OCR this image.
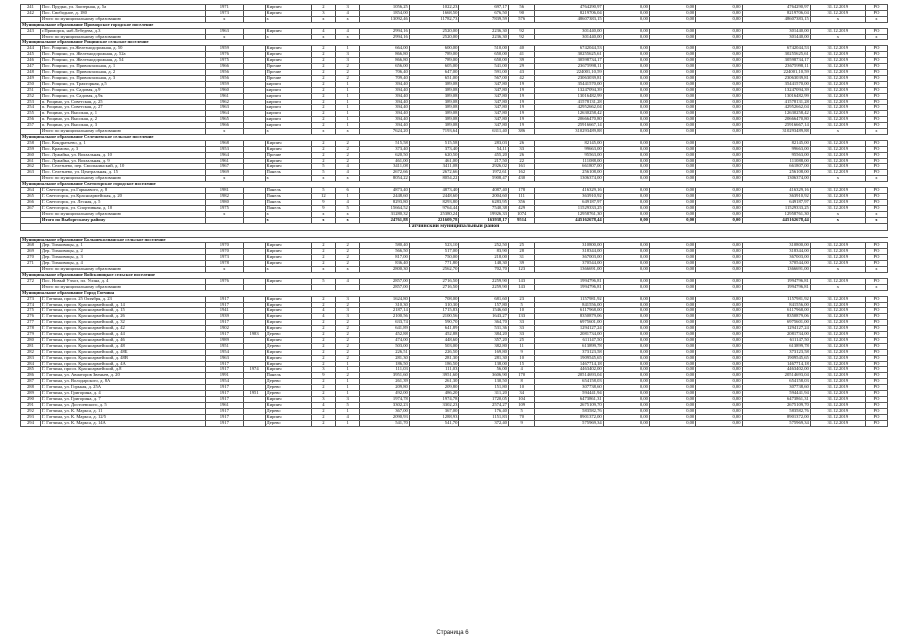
241	Пос. Прудки, ул. Заозерная, д. 5а	1971		Кирпич	2	3	1056,25	1022,23	697,17	56	4764290,97	0,00	0,00	0,00	4764290,97	31.12.2019	РО
242	Пос. Свободное, д. 180	1973		Кирпич	3	4	1854,00	1668,50	676,50	90	8219706,04	0,00	0,00	0,00	8219706,04	31.12.2019	РО
	Итого по муниципальному образованию	x		x	x	x	13092,46	11782,73	7839,59	576	48607383,15	0,00	0,00	0,00	48607383,15	x	x
Муниципальное образование Приморское городское поселение																	
243	г.Приморск, наб.Лебедева, д.3	1963		Кирпич	4	4	2994,16	2520,00	2236,30	92	301440,00	0,00	0,00	0,00	301440,00	31.12.2019	РО
	Итого по муниципальному образованию	x		x	x	x	2994,16	2520,00	2236,30	92	301440,00	0,00	0,00	0,00	301440,00	x	x
Муниципальное образование Рощинское сельское поселение																	
244	Пос. Рощино, ул.Железнодорожная, д. 50	1959		Кирпич	2	1	664,00	600,00	510,00	40	6742044,53	0,00	0,00	0,00	6742044,53	31.12.2019	РО
245	Пос. Рощино, ул. Железнодорожная, д. 52а	1976		Кирпич	2	3	866,80	789,00	650,00	41	30255625,61	0,00	0,00	0,00	30255625,61	31.12.2019	РО
246	Пос. Рощино, ул. Железнодорожная, д. 54	1975		Кирпич	2	3	866,80	789,00	650,00	39	30598734,17	0,00	0,00	0,00	30598734,17	31.12.2019	РО
247	Пос. Рощино, ул. Привокзальная, д. 1	1966		Прочие	2	2	656,00	605,00	541,00	29	23675998,11	0,00	0,00	0,00	23675998,11	31.12.2019	РО
248	Пос. Рощино, ул. Привокзальная, д. 2	1956		Прочие	2	2	706,40	647,00	591,00	43	224001,10,59	0,00	0,00	0,00	224001,10,59	31.12.2019	РО
249	Пос. Рощино, ул. Привокзальная, д. 3	1956		Прочие	2	2	709,40	651,00	567,00	42	23063039,81	0,00	0,00	0,00	23063039,81	31.12.2019	РО
250	Пос. Рощино, ул. Тракторная, д.5	1959		кирпич	2	1	394,40	389,08	347,80	19	35441570,00	0,00	0,00	0,00	35441570,00	31.12.2019	РО
251	Пос. Рощино, ул. Садовая, д.9	1960		кирпич	2	1	394,40	389,08	347,80	19	13247094,39	0,00	0,00	0,00	13247094,39	31.12.2019	РО
252	Пос. Рощино, ул. Садовая, д.9к	1961		кирпич	2	1	394,40	389,08	347,80	19	13016482,99	0,00	0,00	0,00	13016482,99	31.12.2019	РО
253	п. Рощино, ул. Советская, д. 25	1962		кирпич	2	1	394,40	389,08	347,80	19	41578131,28	0,00	0,00	0,00	41578131,28	31.12.2019	РО
254	п. Рощино, ул. Советская, д. 27	1963		кирпич	2	1	394,40	389,08	347,80	19	42952662,04	0,00	0,00	0,00	42952662,04	31.12.2019	РО
255	п. Рощино, ул. Высокая, д. 1	1964		кирпич	2	1	394,40	389,08	347,80	19	12630258,42	0,00	0,00	0,00	12630258,42	31.12.2019	РО
256	п. Рощино, ул. Высокая, д. 2	1965		кирпич	2	1	394,40	389,08	347,80	19	20666470,80	0,00	0,00	0,00	20666470,80	31.12.2019	РО
257	п. Рощино, ул. Высокая, д. 3	1966		кирпич	2	1	394,40	389,08	347,80	19	25916667,14	0,00	0,00	0,00	25916667,14	31.12.2019	РО
	Итого по муниципальному образованию	x		x	x	x	7624,20	7193,64	6311,40	386	310293489,88	0,00	0,00	0,00	310293489,88	x	x
Муниципальное образование Селезневское сельское поселение																	
258	Пос. Кондратьево, д. 1	1968		Кирпич	2	2	515,58	515,58	283,03	26	82145,00	0,00	0,00	0,00	82145,00	31.12.2019	РО
259	Пос. Крамово, д. 3	1953		Кирпич	2	2	373,40	373,40	54,11	33	99663,00	0,00	0,00	0,00	99663,00	31.12.2019	РО
260	Пос. Лужайка, ул. Вокзальная, д. 10	1964		Прочие	2	2	620,50	620,50	455,20	26	95563,00	0,00	0,00	0,00	95563,00	31.12.2019	РО
261	Пос. Лужайка, ул. Вокзальная, д. 9	1961		Кирпич	2	2	461,00	461,00	217,50	22	111088,00	0,00	0,00	0,00	111088,00	31.12.2019	РО
262	Пос. Селезнево, пер. Смольнинский, д. 10	1967		Кирпич	5	4	3411,08	3411,08	2926,02	161	661807,00	0,00	0,00	0,00	661807,00	31.12.2019	РО
263	Пос. Селезнево, ул. Центральная, д. 15	1969		Панель	5	4	2672,66	2672,66	1972,61	162	256108,00	0,00	0,00	0,00	256108,00	31.12.2019	РО
	Итого по муниципальному образованию	x		x	x	x	8054,22	8054,22	5908,47	430	1306374,00	0,00	0,00	0,00	1306374,00	x	x
Муниципальное образование Светогорское городское поселение																	
264	Г. Светогорск, ул.Гарькавого, д. 8	1981		Панель	5	6	4873,40	4873,40	4087,40	178	416329,16	0,00	0,00	0,00	416329,16	31.12.2019	РО
265	Г. Светогорск, ул.Красноармейская, д. 20	1982		Панель	12	1	2448,60	2448,60	2004,60	111	363910,92	0,00	0,00	0,00	363910,92	31.12.2019	РО
266	Г. Светогорск, ул. Лесная, д. 5	1980		Панель	9	4	8293,80	8293,80	6283,95	356	649187,97	0,00	0,00	0,00	649187,97	31.12.2019	РО
267	Г. Светогорск, ул. Спортивная, д. 10	1975		Панель	9	5	15664,52	9764,44	7540,38	429	11529333,25	0,00	0,00	0,00	11529333,25	31.12.2019	РО
	Итого по муниципальному образованию	x		x	x	x	31280,32	25380,24	19926,33	1074	12958761,30	0,00	0,00	0,00	12958761,30	x	x
	Итого по Выборгскому району			x	x	x	24761,88	221609,78	163938,17	9514	445162678,44	0,00	0,00	0,00	445162678,44	x	x
Гатчинский муниципальный район																	

Муниципальное образование Большеколпанское сельское поселение																	
268	Дер. Тихковицы, д. 1	1970		Кирпич	2	2	580,40	523,10	252,50	25	310800,00	0,00	0,00	0,00	310800,00	31.12.2019	РО
269	Дер. Тихковицы, д. 2	1970		Кирпич	2	2	566,50	517,00	83,90	28	318344,00	0,00	0,00	0,00	318344,00	31.12.2019	РО
270	Дер. Тихковицы, д. 3	1973		Кирпич	2	2	817,00	750,00	218,00	31	367003,00	0,00	0,00	0,00	367003,00	31.12.2019	РО
271	Дер. Тихковицы, д. 4	1978		Кирпич	2	2	836,40	771,80	148,30	39	370544,00	0,00	0,00	0,00	370544,00	31.12.2019	РО
	Итого по муниципальному образованию	x		x	x	x	2800,30	2562,70	702,70	123	1366691,00	0,00	0,00	0,00	1366691,00	x	x
Муниципальное образование Войсковицкое сельское поселение																	
272	Пос. Новый Учхоз, пл. Усина, д. 4	1976		Кирпич	5	4	2857,00	2716,50	2259,90	143	1994796,81	0,00	0,00	0,00	1994796,81	31.12.2019	РО
	Итого по муниципальному образованию						2857,00	2716,50	2259,90	143	1994796,81	0,00	0,00	0,00	1994796,81	x	x
Муниципальное образование Город Гатчина																	
273	Г. Гатчина, просп. 25 Октября, д. 23	1917		Кирпич	2	3	1624,80	708,00	681,60	23	1157981,92	0,00	0,00	0,00	1157981,92	31.12.2019	РО
274	Г. Гатчина, просп. Красноармейский, д. 14	1917		Кирпич	2	2	310,30	310,30	157,80	5	841556,00	0,00	0,00	0,00	841556,00	31.12.2019	РО
275	Г. Гатчина, просп. Красноармейский, д. 15	1941		Кирпич	4	3	2187,14	1715,83	1546,60	10	6117968,00	0,00	0,00	0,00	6117968,00	31.12.2019	РО
276	Г. Гатчина, просп. Красноармейский, д. 26	1939		Кирпич	4	3	2100,56	2100,56	1643,27	133	8350879,06	0,00	0,00	0,00	8350879,06	31.12.2019	РО
277	Г. Гатчина, просп. Красноармейский, д. 32	1917		Кирпич	2	2	633,74	590,70	364,70	33	6975601,00	0,00	0,00	0,00	6975601,00	31.12.2019	РО
278	Г. Гатчина, просп. Красноармейский, д. 42	1902		Кирпич	2	2	641,89	641,89	531,36	33	1294127,24	0,00	0,00	0,00	1294127,24	31.12.2019	РО
279	Г. Гатчина, просп. Красноармейский, д. 44	1917	1983	Дерево	2	2	452,88	452,88	384,20	33	2081734,00	0,00	0,00	0,00	2081734,00	31.12.2019	РО
280	Г. Гатчина, просп. Красноармейский, д. 46	1989		Кирпич	2	2	474,00	448,60	357,20	25	611147,50	0,00	0,00	0,00	611147,50	31.12.2019	РО
281	Г. Гатчина, просп. Красноармейский, д. 48	1951		Дерево	2	2	503,00	503,00	382,80	11	613899,78	0,00	0,00	0,00	613899,78	31.12.2019	РО
282	Г. Гатчина, просп. Красноармейский, д. 48Б	1954		Кирпич	2	2	226,51	226,50	169,80	9	373123,58	0,00	0,00	0,00	373123,58	31.12.2019	РО
283	Г. Гатчина, просп. Красноармейский, д. 48В	1963		Кирпич	2	2	281,30	281,30	281,30	10	1909545,65	0,00	0,00	0,00	1909545,65	31.12.2019	РО
284	Г. Гатчина, просп. Красноармейский, д. 4А	1917		Кирпич	2	1	186,50	186,50	138,00	15	1467714,18	0,00	0,00	0,00	1467714,18	31.12.2019	РО
285	Г. Гатчина, просп. Красноармейский, д.8	1917	1974	Кирпич	3	1	111,03	111,03	56,00	4	4463402,00	0,00	0,00	0,00	4463402,00	31.12.2019	РО
286	Г. Гатчина, ул. Авиаторов Звеньев, д. 20	1991		Панель	9	2	3951,60	3951,60	3606,90	170	20514693,04	0,00	0,00	0,00	20514693,04	31.12.2019	РО
287	Г. Гатчина, ул. Володарского, д. 8А	1954		Дерево	2	1	261,39	261,30	130,50	8	654158,03	0,00	0,00	0,00	654158,03	31.12.2019	РО
288	Г. Гатчина, ул. Горькая, д. 25А	1917		Дерево	2	1	209,80	209,80	151,80	10	307738,60	0,00	0,00	0,00	307738,60	31.12.2019	РО
289	Г. Гатчина, ул. Григорина, д. 4	1917	1951	Дерево	2	1	492,00	486,20	311,20	34	594441,94	0,00	0,00	0,00	594441,94	31.12.2019	РО
290	Г. Гатчина, ул. Григорина, д. 7	1917		Кирпич	3	3	1974,78	1974,78	1720,05	104	6473861,31	0,00	0,00	0,00	6473861,31	31.12.2019	РО
291	Г. Гатчина, ул. Достоевского, д. 5	1961		Кирпич	4	5	3302,23	3302,23	2574,27	109	2675109,70	0,00	0,00	0,00	2675109,70	31.12.2019	РО
292	Г. Гатчина, ул. К. Маркса, д. 11	1917		Дерево	2	1	367,00	367,00	176,40	5	583582,76	0,00	0,00	0,00	583582,76	31.12.2019	РО
293	Г. Гатчина, ул. К. Маркса, д. 12/5	1917		Кирпич	2	4	2090,93	1288,93	1151,83	70	8901372,00	0,00	0,00	0,00	8901372,00	31.12.2019	РО
294	Г. Гатчина, ул. К. Маркса, д. 14А	1917		Дерево	2	1	541,70	541,70	372,40	9	575969,34	0,00	0,00	0,00	575969,34	31.12.2019	РО
Страница 6
